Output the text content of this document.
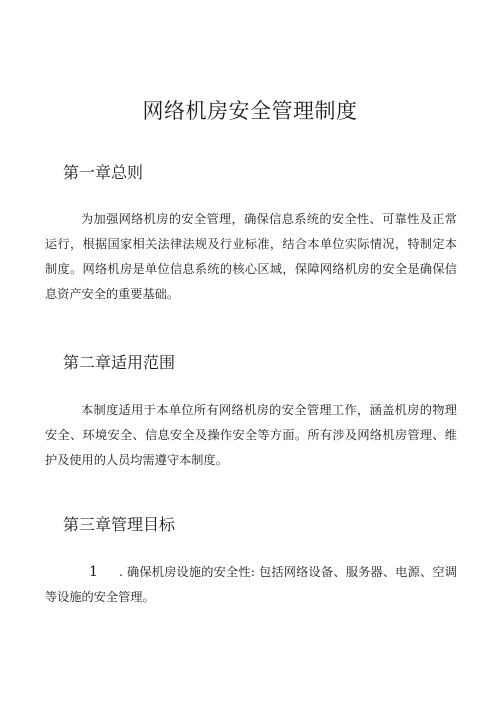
网络机房安全管理制度
第一章总则

为加强网络机房的安全管理，确保信息系统的安全性、可靠性及正常运行，根据国家相关法律法规及行业标准，结合本单位实际情况，特制定本制度。网络机房是单位信息系统的核心区域，保障网络机房的安全是确保信息资产安全的重要基础。

第二章适用范围

本制度适用于本单位所有网络机房的安全管理工作，涵盖机房的物理安全、环境安全、信息安全及操作安全等方面。所有涉及网络机房管理、维护及使用的人员均需遵守本制度。

第三章管理目标

1 . 确保机房设施的安全性: 包括网络设备、服务器、电源、空调等设施的安全管理。
